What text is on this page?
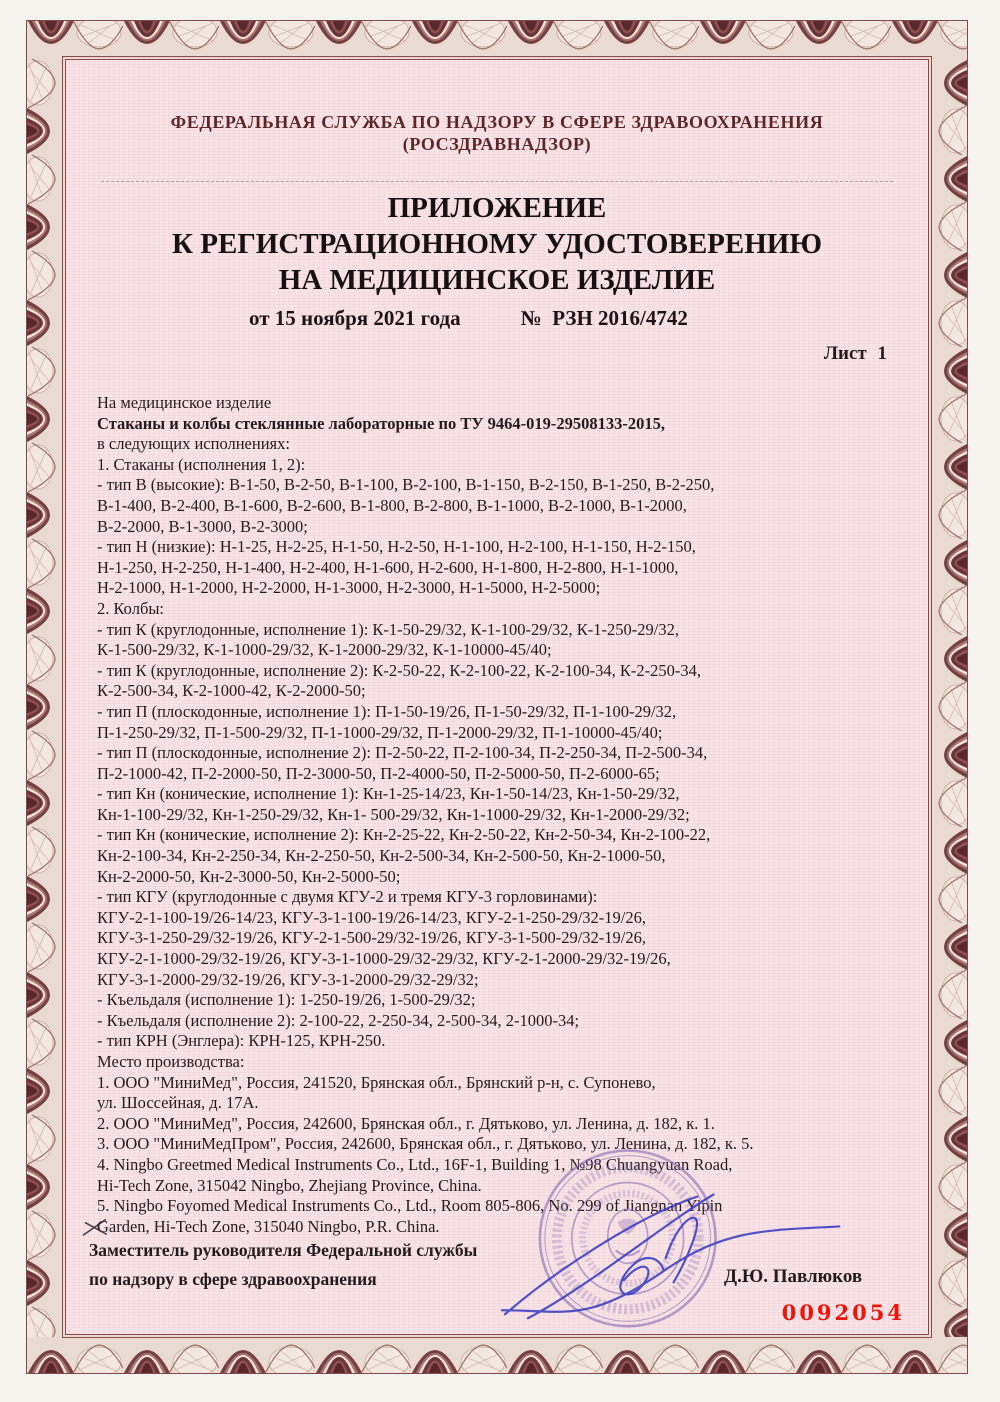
ФЕДЕРАЛЬНАЯ СЛУЖБА ПО НАДЗОРУ В СФЕРЕ ЗДРАВООХРАНЕНИЯ
(РОСЗДРАВНАДЗОР)
ПРИЛОЖЕНИЕ
К РЕГИСТРАЦИОННОМУ УДОСТОВЕРЕНИЮ
НА МЕДИЦИНСКОЕ ИЗДЕЛИЕ
от 15 ноября 2021 года	№  РЗН 2016/4742
Лист 1
На медицинское изделие
Стаканы и колбы стеклянные лабораторные по ТУ 9464-019-29508133-2015,
в следующих исполнениях:
1. Стаканы (исполнения 1, 2):
- тип В (высокие): В-1-50, В-2-50, В-1-100, В-2-100, В-1-150, В-2-150, В-1-250, В-2-250,
В-1-400, В-2-400, В-1-600, В-2-600, В-1-800, В-2-800, В-1-1000, В-2-1000, В-1-2000,
В-2-2000, В-1-3000, В-2-3000;
- тип Н (низкие): Н-1-25, Н-2-25, Н-1-50, Н-2-50, Н-1-100, Н-2-100, Н-1-150, Н-2-150,
Н-1-250, Н-2-250, Н-1-400, Н-2-400, Н-1-600, Н-2-600, Н-1-800, Н-2-800, Н-1-1000,
Н-2-1000, Н-1-2000, Н-2-2000, Н-1-3000, Н-2-3000, Н-1-5000, Н-2-5000;
2. Колбы:
- тип К (круглодонные, исполнение 1): К-1-50-29/32, К-1-100-29/32, К-1-250-29/32,
К-1-500-29/32, К-1-1000-29/32, К-1-2000-29/32, К-1-10000-45/40;
- тип К (круглодонные, исполнение 2): К-2-50-22, К-2-100-22, К-2-100-34, К-2-250-34,
К-2-500-34, К-2-1000-42, К-2-2000-50;
- тип П (плоскодонные, исполнение 1): П-1-50-19/26, П-1-50-29/32, П-1-100-29/32,
П-1-250-29/32, П-1-500-29/32, П-1-1000-29/32, П-1-2000-29/32, П-1-10000-45/40;
- тип П (плоскодонные, исполнение 2): П-2-50-22, П-2-100-34, П-2-250-34, П-2-500-34,
П-2-1000-42, П-2-2000-50, П-2-3000-50, П-2-4000-50, П-2-5000-50, П-2-6000-65;
- тип Кн (конические, исполнение 1): Кн-1-25-14/23, Кн-1-50-14/23, Кн-1-50-29/32,
Кн-1-100-29/32, Кн-1-250-29/32, Кн-1- 500-29/32, Кн-1-1000-29/32, Кн-1-2000-29/32;
- тип Кн (конические, исполнение 2): Кн-2-25-22, Кн-2-50-22, Кн-2-50-34, Кн-2-100-22,
Кн-2-100-34, Кн-2-250-34, Кн-2-250-50, Кн-2-500-34, Кн-2-500-50, Кн-2-1000-50,
Кн-2-2000-50, Кн-2-3000-50, Кн-2-5000-50;
- тип КГУ (круглодонные с двумя КГУ-2 и тремя КГУ-3 горловинами):
КГУ-2-1-100-19/26-14/23, КГУ-3-1-100-19/26-14/23, КГУ-2-1-250-29/32-19/26,
КГУ-3-1-250-29/32-19/26, КГУ-2-1-500-29/32-19/26, КГУ-3-1-500-29/32-19/26,
КГУ-2-1-1000-29/32-19/26, КГУ-3-1-1000-29/32-29/32, КГУ-2-1-2000-29/32-19/26,
КГУ-3-1-2000-29/32-19/26, КГУ-3-1-2000-29/32-29/32;
- Къельдаля (исполнение 1): 1-250-19/26, 1-500-29/32;
- Къельдаля (исполнение 2): 2-100-22, 2-250-34, 2-500-34, 2-1000-34;
- тип КРН (Энглера): КРН-125, КРН-250.
Место производства:
1. ООО "МиниМед", Россия, 241520, Брянская обл., Брянский р-н, с. Супонево,
ул. Шоссейная, д. 17А.
2. ООО "МиниМед", Россия, 242600, Брянская обл., г. Дятьково, ул. Ленина, д. 182, к. 1.
3. ООО "МиниМедПром", Россия, 242600, Брянская обл., г. Дятьково, ул. Ленина, д. 182, к. 5.
4. Ningbo Greetmed Medical Instruments Co., Ltd., 16F-1, Building 1, №98 Chuangyuan Road,
Hi-Tech Zone, 315042 Ningbo, Zhejiang Province, China.
5. Ningbo Foyomed Medical Instruments Co., Ltd., Room 805-806, No. 299 of Jiangnan Yipin
Garden, Hi-Tech Zone, 315040 Ningbo, P.R. China.
Заместитель руководителя Федеральной службы
по надзору в сфере здравоохранения	Д.Ю. Павлюков
0092054
